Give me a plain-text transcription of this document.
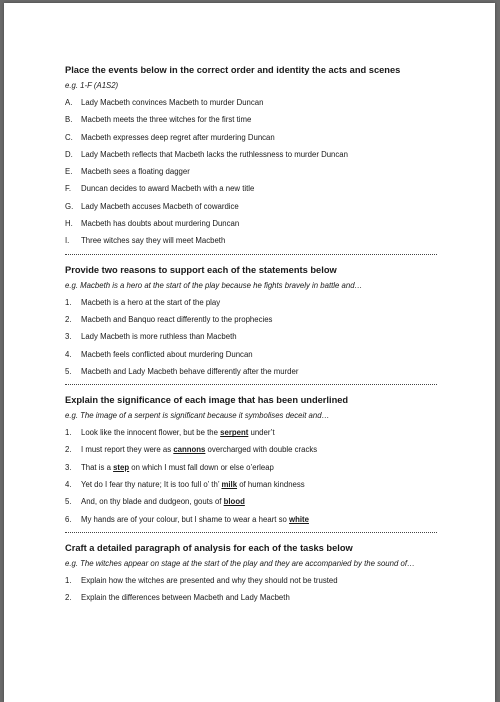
Place the events below in the correct order and identity the acts and scenes
e.g. 1-F (A1S2)
A. Lady Macbeth convinces Macbeth to murder Duncan
B. Macbeth meets the three witches for the first time
C. Macbeth expresses deep regret after murdering Duncan
D. Lady Macbeth reflects that Macbeth lacks the ruthlessness to murder Duncan
E. Macbeth sees a floating dagger
F. Duncan decides to award Macbeth with a new title
G. Lady Macbeth accuses Macbeth of cowardice
H. Macbeth has doubts about murdering Duncan
I. Three witches say they will meet Macbeth
Provide two reasons to support each of the statements below
e.g. Macbeth is a hero at the start of the play because he fights bravely in battle and…
1. Macbeth is a hero at the start of the play
2. Macbeth and Banquo react differently to the prophecies
3. Lady Macbeth is more ruthless than Macbeth
4. Macbeth feels conflicted about murdering Duncan
5. Macbeth and Lady Macbeth behave differently after the murder
Explain the significance of each image that has been underlined
e.g. The image of a serpent is significant because it symbolises deceit and…
1. Look like the innocent flower, but be the serpent under’t
2. I must report they were as cannons overcharged with double cracks
3. That is a step on which I must fall down or else o’erleap
4. Yet do I fear thy nature; It is too full o’ th’ milk of human kindness
5. And, on thy blade and dudgeon, gouts of blood
6. My hands are of your colour, but I shame to wear a heart so white
Craft a detailed paragraph of analysis for each of the tasks below
e.g. The witches appear on stage at the start of the play and they are accompanied by the sound of…
1. Explain how the witches are presented and why they should not be trusted
2. Explain the differences between Macbeth and Lady Macbeth
